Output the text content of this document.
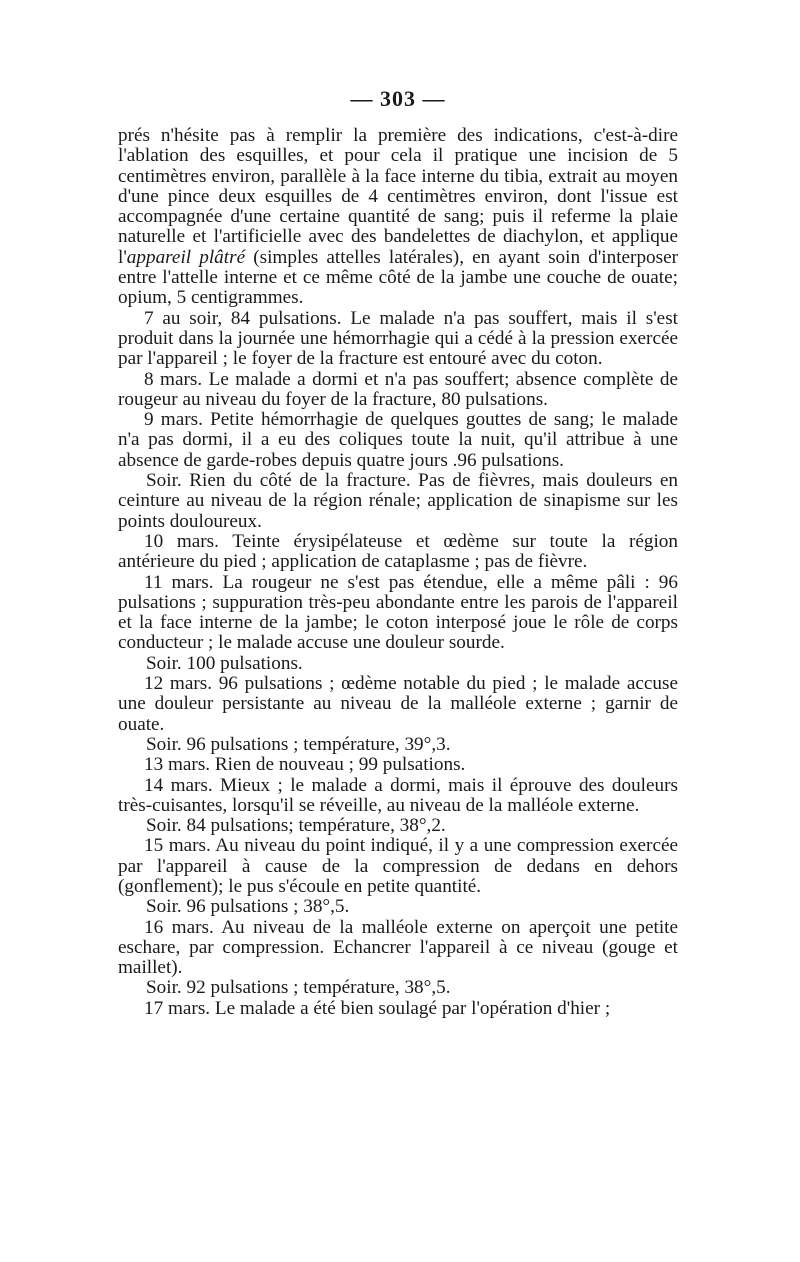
— 303 —

prés n'hésite pas à remplir la première des indications, c'est-à-dire l'ablation des esquilles, et pour cela il pratique une incision de 5 centimètres environ, parallèle à la face interne du tibia, extrait au moyen d'une pince deux esquilles de 4 centimètres environ, dont l'issue est accompagnée d'une certaine quantité de sang; puis il referme la plaie naturelle et l'artificielle avec des bandelettes de diachylon, et applique l'appareil plâtré (simples attelles latérales), en ayant soin d'interposer entre l'attelle interne et ce même côté de la jambe une couche de ouate; opium, 5 centigrammes.

7 au soir, 84 pulsations. Le malade n'a pas souffert, mais il s'est produit dans la journée une hémorrhagie qui a cédé à la pression exercée par l'appareil ; le foyer de la fracture est entouré avec du coton.

8 mars. Le malade a dormi et n'a pas souffert; absence complète de rougeur au niveau du foyer de la fracture, 80 pulsations.

9 mars. Petite hémorrhagie de quelques gouttes de sang; le malade n'a pas dormi, il a eu des coliques toute la nuit, qu'il attribue à une absence de garde-robes depuis quatre jours .96 pulsations.

Soir. Rien du côté de la fracture. Pas de fièvres, mais douleurs en ceinture au niveau de la région rénale; application de sinapisme sur les points douloureux.

10 mars. Teinte érysipélateuse et œdème sur toute la région antérieure du pied ; application de cataplasme ; pas de fièvre.

11 mars. La rougeur ne s'est pas étendue, elle a même pâli : 96 pulsations ; suppuration très-peu abondante entre les parois de l'appareil et la face interne de la jambe; le coton interposé joue le rôle de corps conducteur ; le malade accuse une douleur sourde.

Soir. 100 pulsations.

12 mars. 96 pulsations ; œdème notable du pied ; le malade accuse une douleur persistante au niveau de la malléole externe ; garnir de ouate.

Soir. 96 pulsations ; température, 39°,3.

13 mars. Rien de nouveau ; 99 pulsations.

14 mars. Mieux ; le malade a dormi, mais il éprouve des douleurs très-cuisantes, lorsqu'il se réveille, au niveau de la malléole externe.

Soir. 84 pulsations; température, 38°,2.

15 mars. Au niveau du point indiqué, il y a une compression exercée par l'appareil à cause de la compression de dedans en dehors (gonflement); le pus s'écoule en petite quantité.

Soir. 96 pulsations ; 38°,5.

16 mars. Au niveau de la malléole externe on aperçoit une petite eschare, par compression. Echancrer l'appareil à ce niveau (gouge et maillet).

Soir. 92 pulsations ; température, 38°,5.

17 mars. Le malade a été bien soulagé par l'opération d'hier ;
